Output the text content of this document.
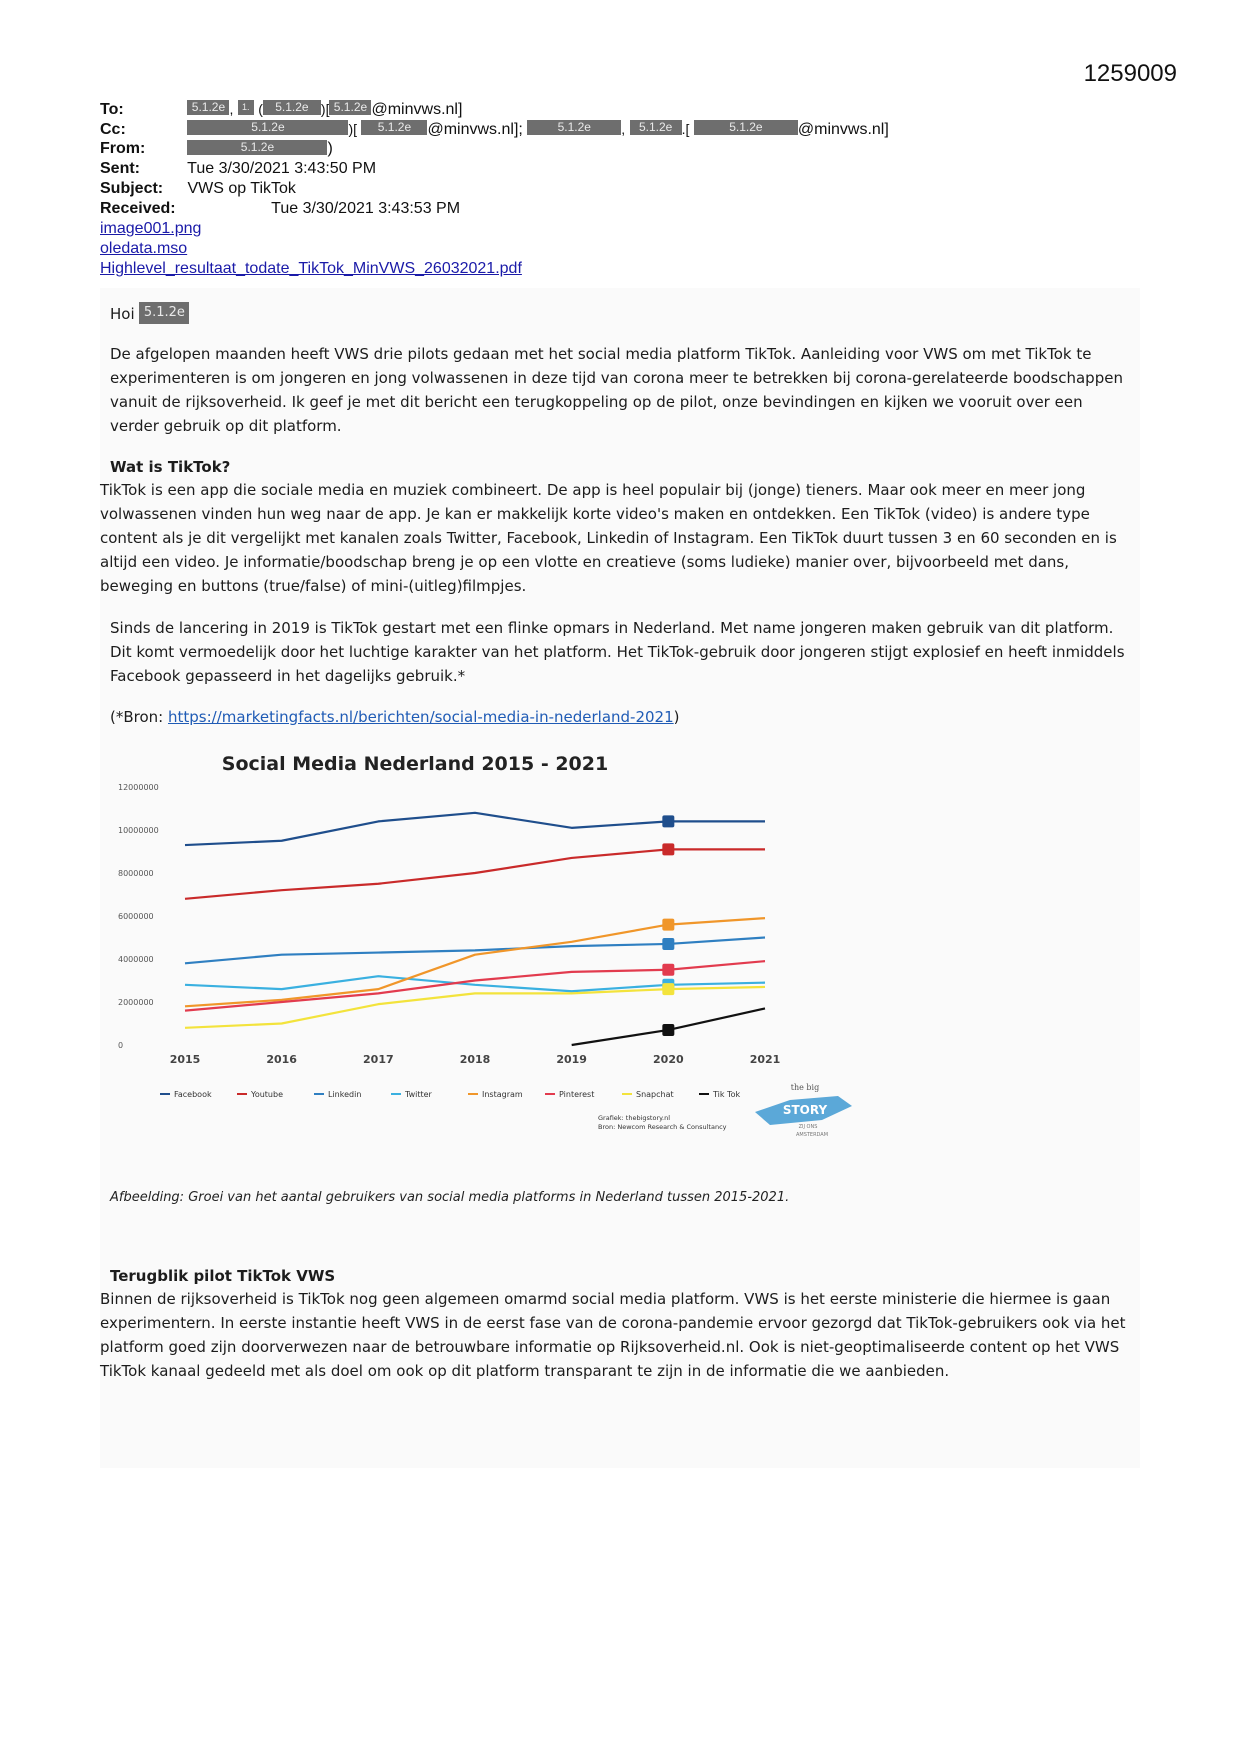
1259009
To:	5.1.2e , 1. ( 5.1.2e )[ 5.1.2e @minvws.nl]
Cc:	5.1.2e	)[ 5.1.2e @minvws.nl];	5.1.2e , 5.1.2e .[	5.1.2e @minvws.nl]
From:	5.1.2e	)
Sent:	Tue 3/30/2021 3:43:50 PM
Subject: VWS op TikTok
Received:	Tue 3/30/2021 3:43:53 PM
image001.png
oledata.mso
Highlevel_resultaat_todate_TikTok_MinVWS_26032021.pdf
Hoi 5.1.2e
De afgelopen maanden heeft VWS drie pilots gedaan met het social media platform TikTok. Aanleiding voor VWS om met TikTok te experimenteren is om jongeren en jong volwassenen in deze tijd van corona meer te betrekken bij corona-gerelateerde boodschappen vanuit de rijksoverheid. Ik geef je met dit bericht een terugkoppeling op de pilot, onze bevindingen en kijken we vooruit over een verder gebruik op dit platform.
Wat is TikTok?
TikTok is een app die sociale media en muziek combineert. De app is heel populair bij (jonge) tieners. Maar ook meer en meer jong volwassenen vinden hun weg naar de app. Je kan er makkelijk korte video's maken en ontdekken. Een TikTok (video) is andere type content als je dit vergelijkt met kanalen zoals Twitter, Facebook, Linkedin of Instagram. Een TikTok duurt tussen 3 en 60 seconden en is altijd een video. Je informatie/boodschap breng je op een vlotte en creatieve (soms ludieke) manier over, bijvoorbeeld met dans, beweging en buttons (true/false) of mini-(uitleg)filmpjes.
Sinds de lancering in 2019 is TikTok gestart met een flinke opmars in Nederland. Met name jongeren maken gebruik van dit platform. Dit komt vermoedelijk door het luchtige karakter van het platform. Het TikTok-gebruik door jongeren stijgt explosief en heeft inmiddels Facebook gepasseerd in het dagelijks gebruik.*
(*Bron: https://marketingfacts.nl/berichten/social-media-in-nederland-2021)
Social Media Nederland 2015 - 2021
0
2000000
4000000
6000000
8000000
10000000
12000000
2015	2016	2017	2018	2019	2020	2021
Facebook	Youtube	Linkedin	Twitter	Instagram	Pinterest	Snapchat	Tik Tok
Grafiek: thebigstory.nl
Bron: Newcom Research & Consultancy
the big
STORY
ZIJ ONS
AMSTERDAM
Afbeelding: Groei van het aantal gebruikers van social media platforms in Nederland tussen 2015-2021.
Terugblik pilot TikTok VWS
Binnen de rijksoverheid is TikTok nog geen algemeen omarmd social media platform. VWS is het eerste ministerie die hiermee is gaan experimentern. In eerste instantie heeft VWS in de eerst fase van de corona-pandemie ervoor gezorgd dat TikTok-gebruikers ook via het platform goed zijn doorverwezen naar de betrouwbare informatie op Rijksoverheid.nl. Ook is niet-geoptimaliseerde content op het VWS TikTok kanaal gedeeld met als doel om ook op dit platform transparant te zijn in de informatie die we aanbieden.
